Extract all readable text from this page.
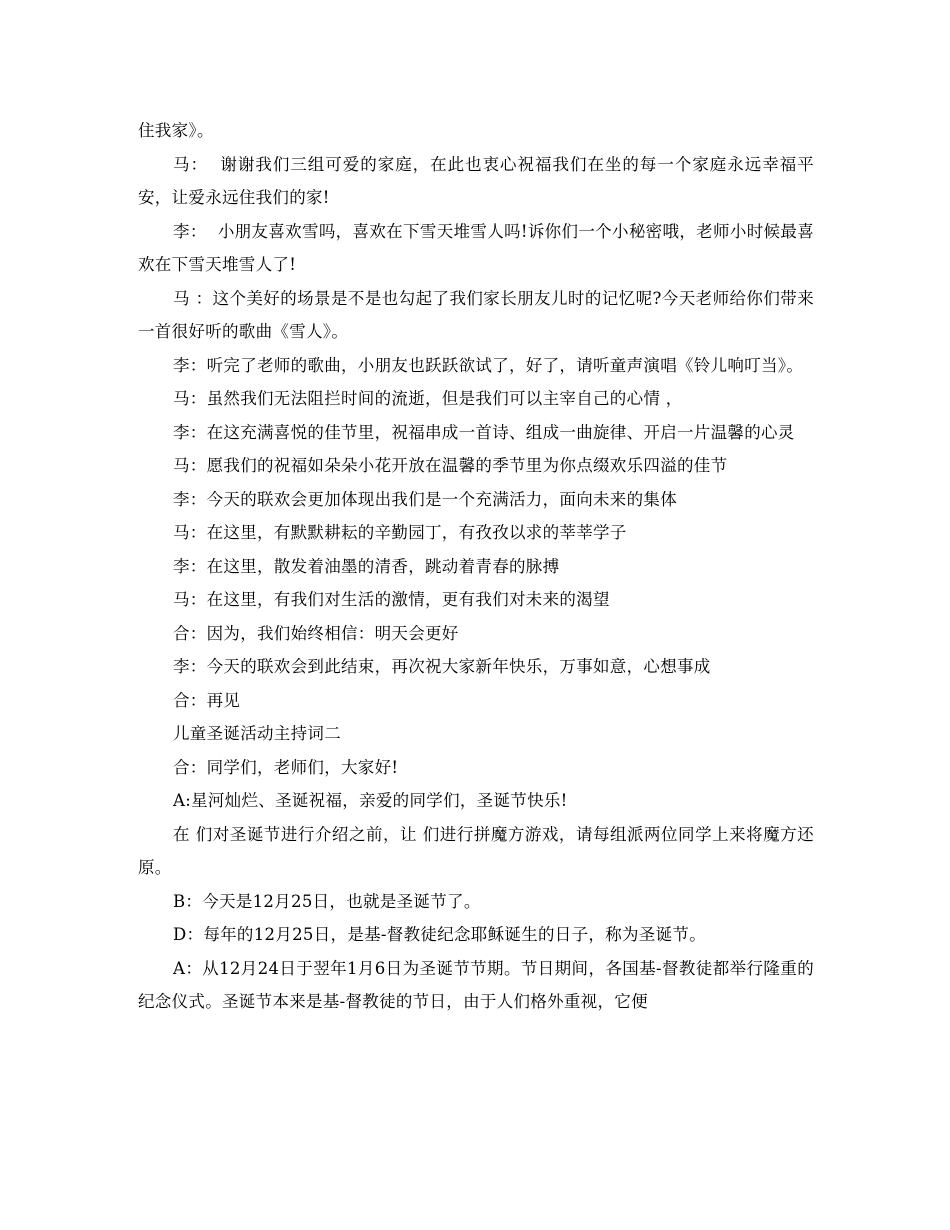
住我家》。

马：  谢谢我们三组可爱的家庭，在此也衷心祝福我们在坐的每一个家庭永远幸福平安，让爱永远住我们的家!

李：  小朋友喜欢雪吗，喜欢在下雪天堆雪人吗!诉你们一个小秘密哦，老师小时候最喜欢在下雪天堆雪人了!

马 ：这个美好的场景是不是也勾起了我们家长朋友儿时的记忆呢?今天老师给你们带来一首很好听的歌曲《雪人》。

李：听完了老师的歌曲，小朋友也跃跃欲试了，好了，请听童声演唱《铃儿响叮当》。

马：虽然我们无法阻拦时间的流逝，但是我们可以主宰自己的心情 ，

李：在这充满喜悦的佳节里，祝福串成一首诗、组成一曲旋律、开启一片温馨的心灵

马：愿我们的祝福如朵朵小花开放在温馨的季节里为你点缀欢乐四溢的佳节

李：今天的联欢会更加体现出我们是一个充满活力，面向未来的集体

马：在这里，有默默耕耘的辛勤园丁，有孜孜以求的莘莘学子

李：在这里，散发着油墨的清香，跳动着青春的脉搏

马：在这里，有我们对生活的激情，更有我们对未来的渴望

合：因为，我们始终相信：明天会更好

李：今天的联欢会到此结束，再次祝大家新年快乐，万事如意，心想事成

合：再见

儿童圣诞活动主持词二

合：同学们，老师们，大家好!

A:星河灿烂、圣诞祝福，亲爱的同学们，圣诞节快乐!

在 们对圣诞节进行介绍之前，让 们进行拼魔方游戏，请每组派两位同学上来将魔方还原。

B：今天是12月25日，也就是圣诞节了。

D：每年的12月25日，是基-督教徒纪念耶稣诞生的日子，称为圣诞节。

A：从12月24日于翌年1月6日为圣诞节节期。节日期间，各国基-督教徒都举行隆重的纪念仪式。圣诞节本来是基-督教徒的节日，由于人们格外重视，它便
